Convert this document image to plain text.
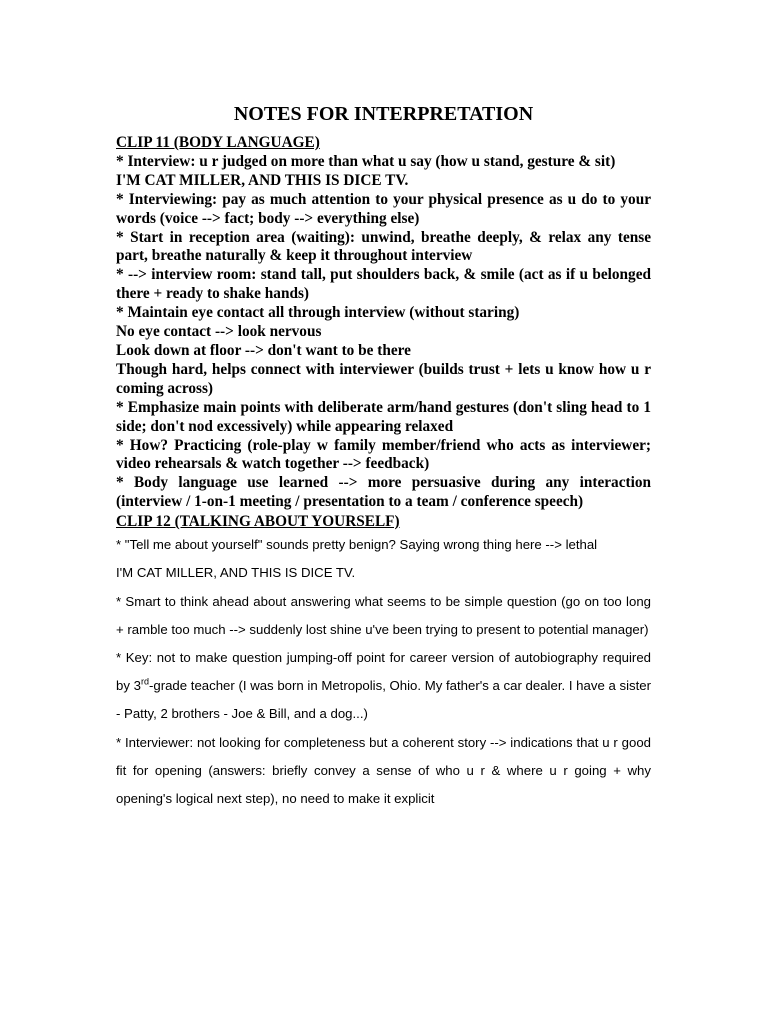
NOTES FOR INTERPRETATION
CLIP 11 (BODY LANGUAGE)

* Interview: u r judged on more than what u say (how u stand, gesture & sit)

I'M CAT MILLER, AND THIS IS DICE TV.

* Interviewing: pay as much attention to your physical presence as u do to your words (voice --> fact; body --> everything else)

* Start in reception area (waiting): unwind, breathe deeply, & relax any tense part, breathe naturally & keep it throughout interview

* --> interview room: stand tall, put shoulders back, & smile (act as if u belonged there + ready to shake hands)

* Maintain eye contact all through interview (without staring)

No eye contact --> look nervous

Look down at floor --> don't want to be there

Though hard, helps connect with interviewer (builds trust + lets u know how u r coming across)

* Emphasize main points with deliberate arm/hand gestures (don't sling head to 1 side; don't nod excessively) while appearing relaxed

* How? Practicing (role-play w family member/friend who acts as interviewer; video rehearsals & watch together --> feedback)

* Body language use learned --> more persuasive during any interaction (interview / 1-on-1 meeting / presentation to a team / conference speech)

CLIP 12 (TALKING ABOUT YOURSELF)

* "Tell me about yourself" sounds pretty benign? Saying wrong thing here --> lethal

I'M CAT MILLER, AND THIS IS DICE TV.

* Smart to think ahead about answering what seems to be simple question (go on too long + ramble too much --> suddenly lost shine u've been trying to present to potential manager)

* Key: not to make question jumping-off point for career version of autobiography required by 3rd-grade teacher (I was born in Metropolis, Ohio. My father's a car dealer. I have a sister - Patty, 2 brothers - Joe & Bill, and a dog...)

* Interviewer: not looking for completeness but a coherent story --> indications that u r good fit for opening (answers: briefly convey a sense of who u r & where u r going + why opening's logical next step), no need to make it explicit
